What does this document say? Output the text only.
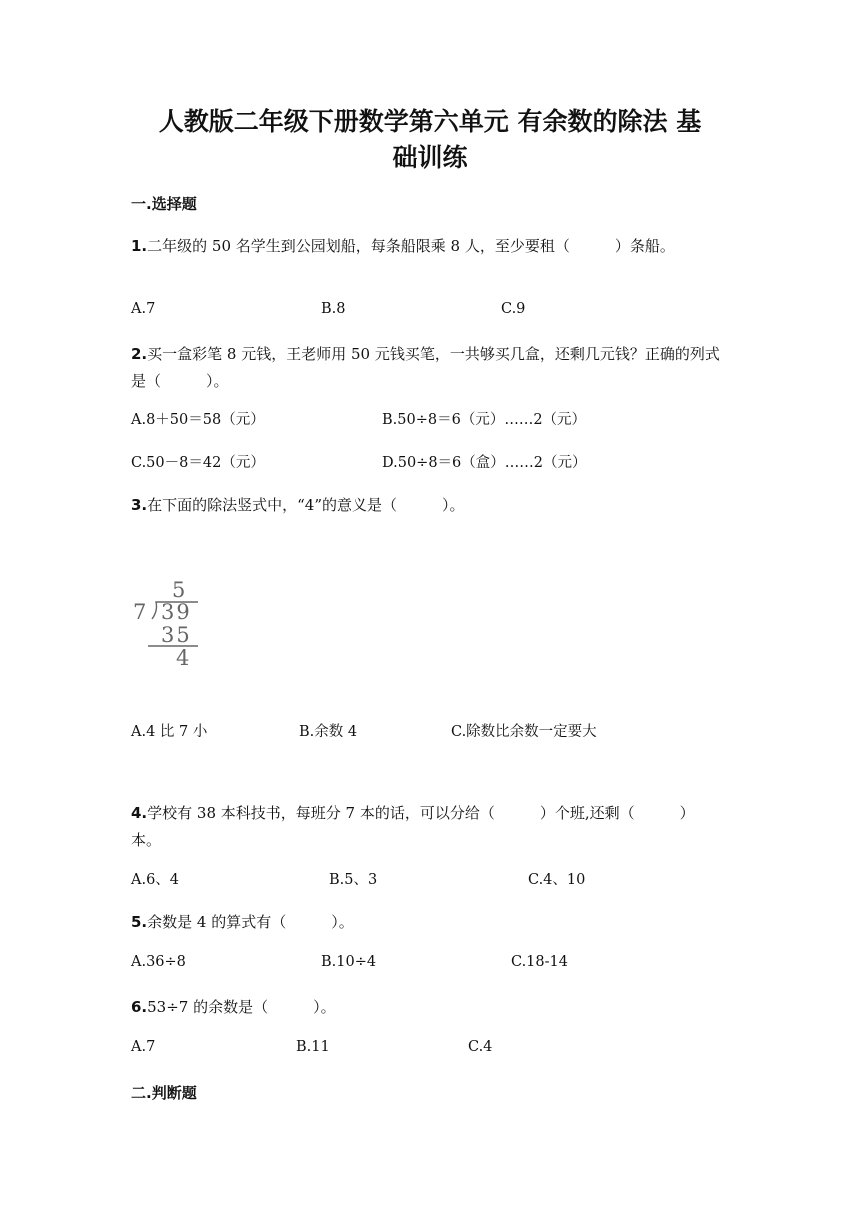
人教版二年级下册数学第六单元 有余数的除法 基
础训练
一.选择题
1.二年级的 50 名学生到公园划船，每条船限乘 8 人，至少要租（　　　）条船。
A.7	B.8	C.9
2.买一盒彩笔 8 元钱，王老师用 50 元钱买笔，一共够买几盒，还剩几元钱？正确的列式是（　　　）。
A.8＋50＝58（元）	B.50÷8＝6（元）……2（元）
C.50－8＝42（元）	D.50÷8＝6（盒）……2（元）
3.在下面的除法竖式中，“4”的意义是（　　　）。
5
7 39
35
4
A.4 比 7 小	B.余数 4	C.除数比余数一定要大
4.学校有 38 本科技书，每班分 7 本的话，可以分给（　　　）个班,还剩（　　　）本。
A.6、4	B.5、3	C.4、10
5.余数是 4 的算式有（　　　）。
A.36÷8	B.10÷4	C.18-14
6.53÷7 的余数是（　　　）。
A.7	B.11	C.4
二.判断题
